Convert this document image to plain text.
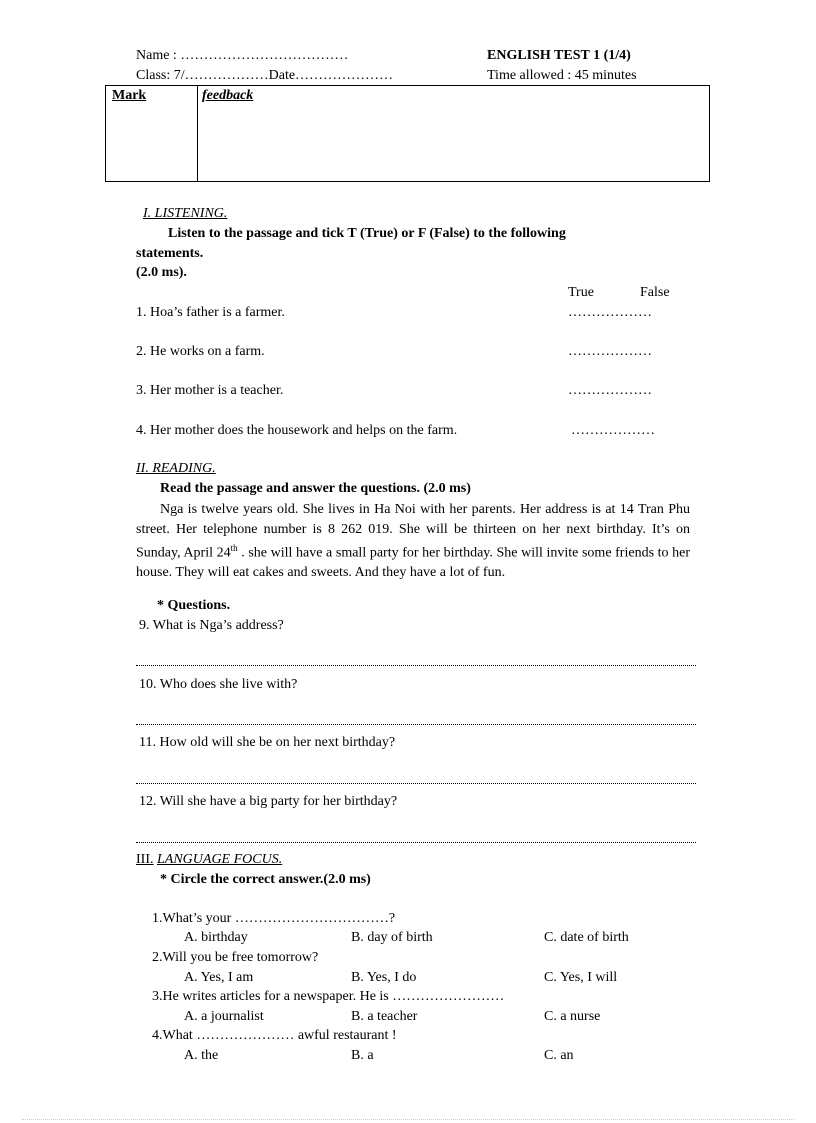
Name : ………………………………
Class: 7/………………Date…………………
ENGLISH TEST 1 (1/4)
Time allowed : 45 minutes
Mark	feedback
I. LISTENING.
Listen to the passage and tick T (True) or F (False) to the following
statements.
(2.0 ms).
True	False
1. Hoa’s father is a farmer.	………………
2. He works on a farm.	………………
3. Her mother is a teacher.	………………
4. Her mother does the housework and helps on the farm.	………………
II. READING.
Read the passage and answer the questions. (2.0 ms)
Nga is twelve years old. She lives in Ha Noi with her parents. Her address is at 14 Tran Phu street. Her telephone number is 8 262 019. She will be thirteen on her next birthday. It’s on Sunday, April 24th . she will have a small party for her birthday. She will invite some friends to her house. They will eat cakes and sweets. And they have a lot of fun.
* Questions.
9. What is Nga’s address?
10. Who does she live with?
11. How old will she be on her next birthday?
12. Will she have a big party for her birthday?
III. LANGUAGE FOCUS.
* Circle the correct answer.(2.0 ms)
1.What’s your ……………………………?
A. birthday	B. day of birth	C. date of birth
2.Will you be free tomorrow?
A. Yes, I am	B. Yes, I do	C. Yes, I will
3.He writes articles for a newspaper. He is ……………………
A. a journalist	B. a teacher	C. a nurse
4.What ………………… awful restaurant !
A. the	B. a	C. an
